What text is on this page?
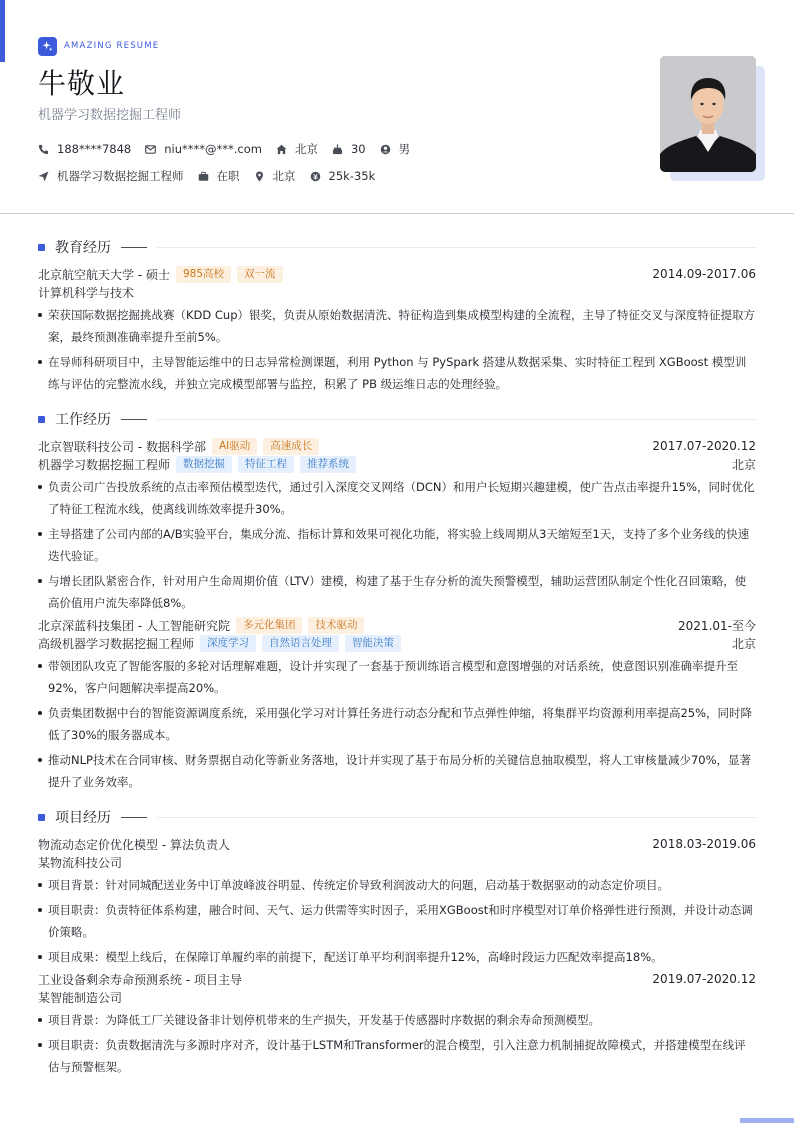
AMAZING RESUME
牛敬业
机器学习数据挖掘工程师
188****7848	niu****@***.com	北京	30	男
机器学习数据挖掘工程师	在职	北京	25k-35k
教育经历
北京航空航天大学 - 硕士	985高校	双一流	2014.09-2017.06
计算机科学与技术
荣获国际数据挖掘挑战赛（KDD Cup）银奖，负责从原始数据清洗、特征构造到集成模型构建的全流程，主导了特征交叉与深度特征提取方案，最终预测准确率提升至前5%。
在导师科研项目中，主导智能运维中的日志异常检测课题，利用 Python 与 PySpark 搭建从数据采集、实时特征工程到 XGBoost 模型训练与评估的完整流水线，并独立完成模型部署与监控，积累了 PB 级运维日志的处理经验。
工作经历
北京智联科技公司 - 数据科学部	AI驱动	高速成长	2017.07-2020.12
机器学习数据挖掘工程师	数据挖掘	特征工程	推荐系统	北京
负责公司广告投放系统的点击率预估模型迭代，通过引入深度交叉网络（DCN）和用户长短期兴趣建模，使广告点击率提升15%，同时优化了特征工程流水线，使离线训练效率提升30%。
主导搭建了公司内部的A/B实验平台，集成分流、指标计算和效果可视化功能，将实验上线周期从3天缩短至1天，支持了多个业务线的快速迭代验证。
与增长团队紧密合作，针对用户生命周期价值（LTV）建模，构建了基于生存分析的流失预警模型，辅助运营团队制定个性化召回策略，使高价值用户流失率降低8%。
北京深蓝科技集团 - 人工智能研究院	多元化集团	技术驱动	2021.01-至今
高级机器学习数据挖掘工程师	深度学习	自然语言处理	智能决策	北京
带领团队攻克了智能客服的多轮对话理解难题，设计并实现了一套基于预训练语言模型和意图增强的对话系统，使意图识别准确率提升至92%，客户问题解决率提高20%。
负责集团数据中台的智能资源调度系统，采用强化学习对计算任务进行动态分配和节点弹性伸缩，将集群平均资源利用率提高25%，同时降低了30%的服务器成本。
推动NLP技术在合同审核、财务票据自动化等新业务落地，设计并实现了基于布局分析的关键信息抽取模型，将人工审核量减少70%，显著提升了业务效率。
项目经历
物流动态定价优化模型 - 算法负责人	2018.03-2019.06
某物流科技公司
项目背景：针对同城配送业务中订单波峰波谷明显、传统定价导致利润波动大的问题，启动基于数据驱动的动态定价项目。
项目职责：负责特征体系构建，融合时间、天气、运力供需等实时因子，采用XGBoost和时序模型对订单价格弹性进行预测，并设计动态调价策略。
项目成果：模型上线后，在保障订单履约率的前提下，配送订单平均利润率提升12%，高峰时段运力匹配效率提高18%。
工业设备剩余寿命预测系统 - 项目主导	2019.07-2020.12
某智能制造公司
项目背景：为降低工厂关键设备非计划停机带来的生产损失，开发基于传感器时序数据的剩余寿命预测模型。
项目职责：负责数据清洗与多源时序对齐，设计基于LSTM和Transformer的混合模型，引入注意力机制捕捉故障模式，并搭建模型在线评估与预警框架。
